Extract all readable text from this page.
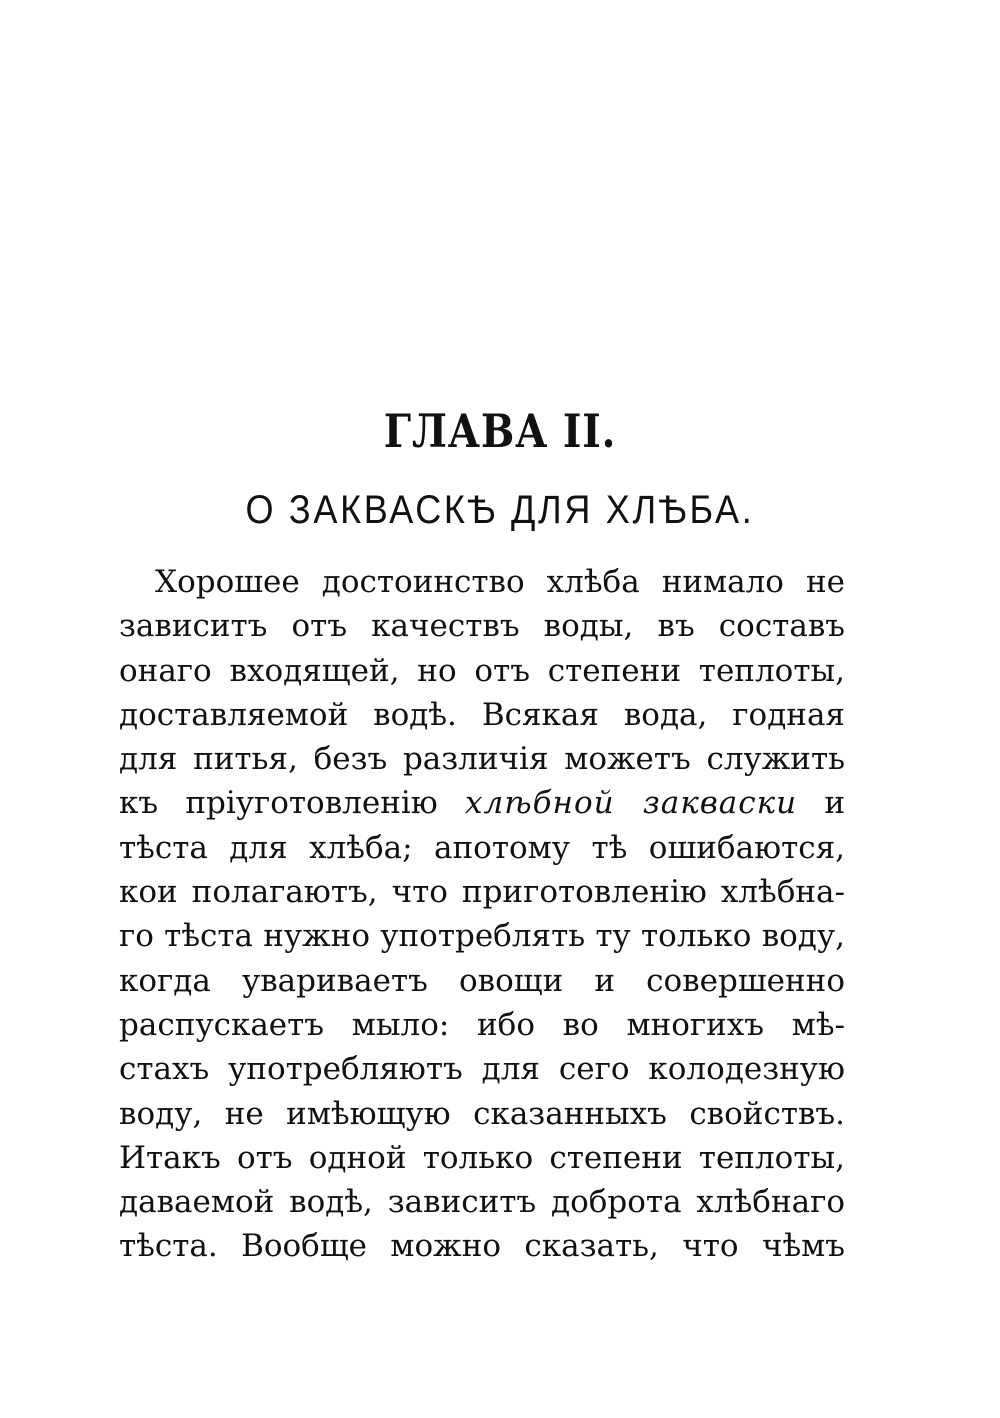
ГЛАВА II.
О ЗАКВАСКѢ ДЛЯ ХЛѢБА.
Хорошее достоинство хлѣба нимало не
зависитъ отъ качествъ воды, въ составъ
онаго входящей, но отъ степени теплоты,
доставляемой водѣ. Всякая вода, годная
для питья, безъ различія можетъ служить
къ пріуготовленію хлѣбной закваски и
тѣста для хлѣба; апотому тѣ ошибаются,
кои полагаютъ, что приготовленію хлѣбна-
го тѣста нужно употреблять ту только воду,
когда увариваетъ овощи и совершенно
распускаетъ мыло: ибо во многихъ мѣ-
стахъ употребляютъ для сего колодезную
воду, не имѣющую сказанныхъ свойствъ.
Итакъ отъ одной только степени теплоты,
даваемой водѣ, зависитъ доброта хлѣбнаго
тѣста. Вообще можно сказать, что чѣмъ
